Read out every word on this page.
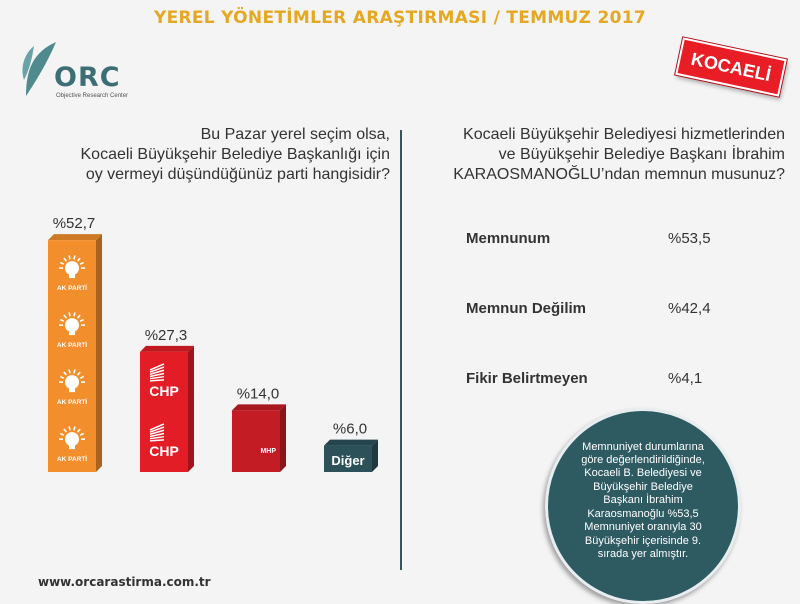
YEREL YÖNETİMLER ARAŞTIRMASI / TEMMUZ 2017
ORC
Objective Research Center
KOCAELİ
Bu Pazar yerel seçim olsa,
Kocaeli Büyükşehir Belediye Başkanlığı için
oy vermeyi düşündüğünüz parti hangisidir?
Kocaeli Büyükşehir Belediyesi hizmetlerinden
ve Büyükşehir Belediye Başkanı İbrahim
KARAOSMANOĞLU’ndan memnun musunuz?
%52,7
AK PARTİ
AK PARTİ
AK PARTİ
AK PARTİ
%27,3
CHP
CHP
%14,0
MHP
%6,0
Diğer
Memnunum	%53,5
Memnun Değilim	%42,4
Fikir Belirtmeyen	%4,1
Memnuniyet durumlarına göre değerlendirildiğinde, Kocaeli B. Belediyesi ve Büyükşehir Belediye Başkanı İbrahim Karaosmanoğlu %53,5 Memnuniyet oranıyla 30 Büyükşehir içerisinde 9. sırada yer almıştır.
www.orcarastirma.com.tr
